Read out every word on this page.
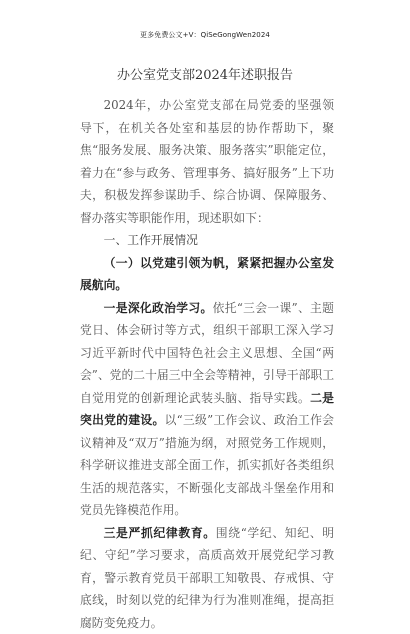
更多免费公文+V：QiSeGongWen2024
办公室党支部2024年述职报告

2024年，办公室党支部在局党委的坚强领导下，在机关各处室和基层的协作帮助下，聚焦“服务发展、服务决策、服务落实”职能定位，着力在“参与政务、管理事务、搞好服务”上下功夫，积极发挥参谋助手、综合协调、保障服务、督办落实等职能作用，现述职如下：

一、工作开展情况

（一）以党建引领为帆，紧紧把握办公室发展航向。

一是深化政治学习。依托“三会一课”、主题党日、体会研讨等方式，组织干部职工深入学习习近平新时代中国特色社会主义思想、全国“两会”、党的二十届三中全会等精神，引导干部职工自觉用党的创新理论武装头脑、指导实践。二是突出党的建设。以“三级”工作会议、政治工作会议精神及“双万”措施为纲，对照党务工作规则，科学研议推进支部全面工作，抓实抓好各类组织生活的规范落实，不断强化支部战斗堡垒作用和党员先锋模范作用。

三是严抓纪律教育。围绕“学纪、知纪、明纪、守纪”学习要求，高质高效开展党纪学习教育，警示教育党员干部职工知敬畏、存戒惧、守底线，时刻以党的纪律为行为准则准绳，提高拒腐防变免疫力。
